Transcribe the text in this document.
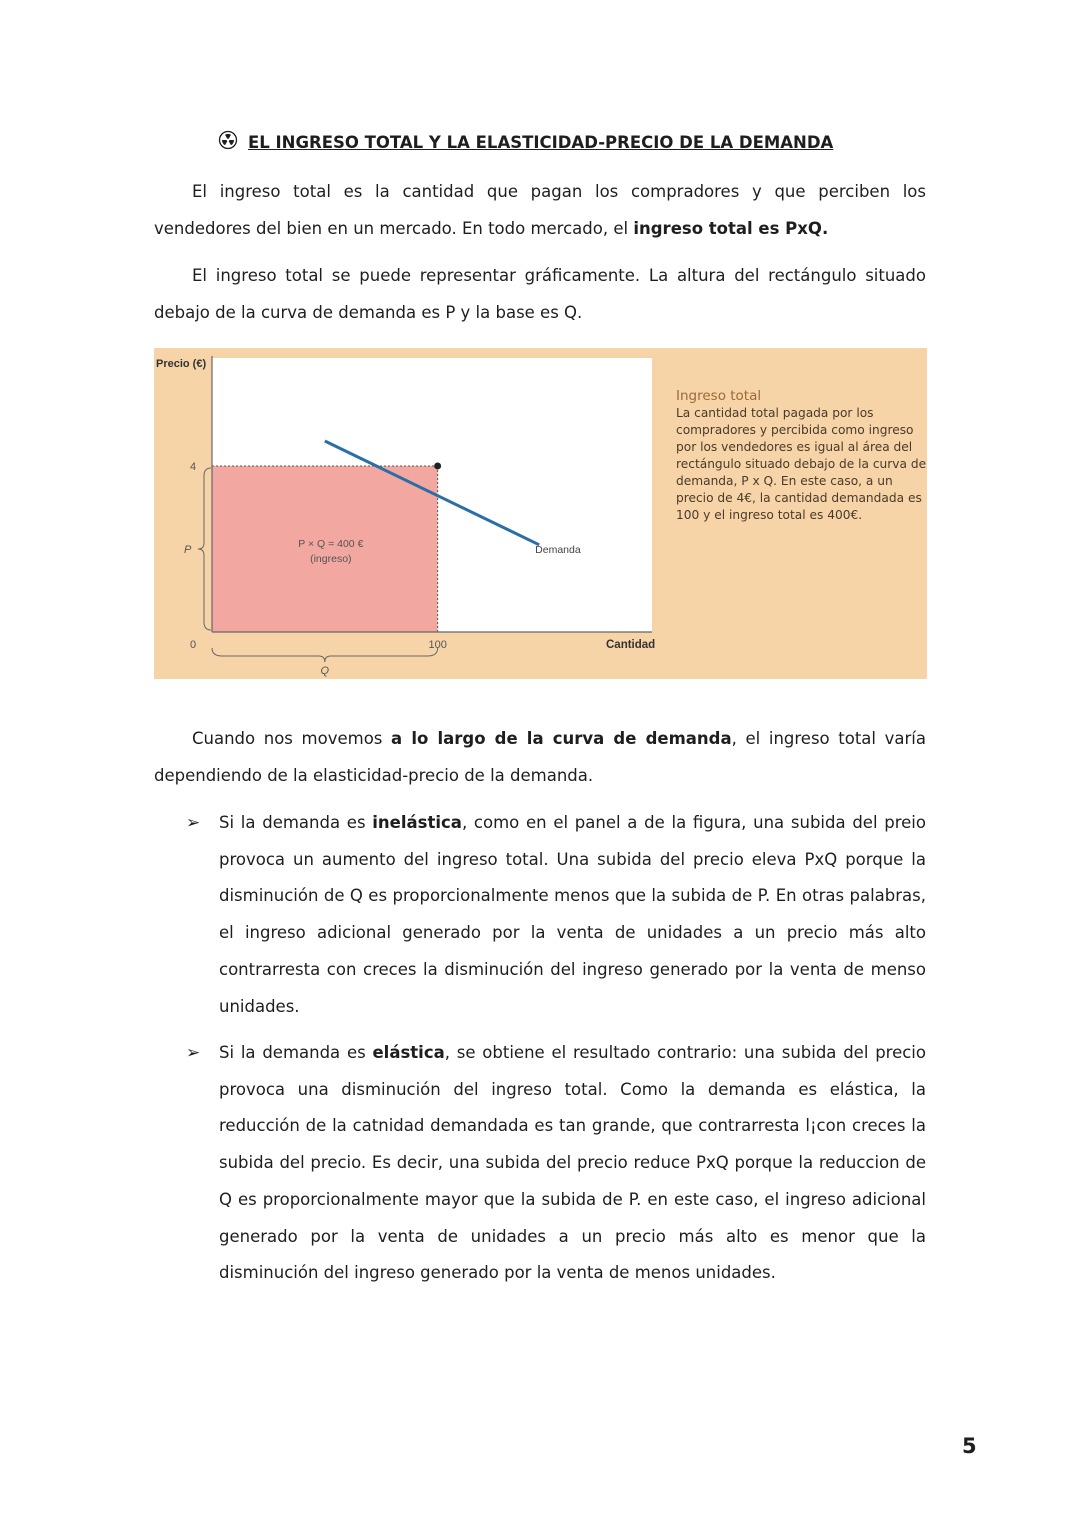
EL INGRESO TOTAL Y LA ELASTICIDAD-PRECIO DE LA DEMANDA

El ingreso total es la cantidad que pagan los compradores y que perciben los vendedores del bien en un mercado. En todo mercado, el ingreso total es PxQ.

El ingreso total se puede representar gráficamente. La altura del rectángulo situado debajo de la curva de demanda es P y la base es Q.

Precio (€)
Cantidad
0
4
100
P
Q
P × Q = 400 €
(ingreso)
Demanda
Ingreso total
La cantidad total pagada por los compradores y percibida como ingreso por los vendedores es igual al área del rectángulo situado debajo de la curva de demanda, P x Q. En este caso, a un precio de 4€, la cantidad demandada es 100 y el ingreso total es 400€.

Cuando nos movemos a lo largo de la curva de demanda, el ingreso total varía dependiendo de la elasticidad-precio de la demanda.

➢ Si la demanda es inelástica, como en el panel a de la figura, una subida del preio provoca un aumento del ingreso total. Una subida del precio eleva PxQ porque la disminución de Q es proporcionalmente menos que la subida de P. En otras palabras, el ingreso adicional generado por la venta de unidades a un precio más alto contrarresta con creces la disminución del ingreso generado por la venta de menso unidades.

➢ Si la demanda es elástica, se obtiene el resultado contrario: una subida del precio provoca una disminución del ingreso total. Como la demanda es elástica, la reducción de la catnidad demandada es tan grande, que contrarresta l¡con creces la subida del precio. Es decir, una subida del precio reduce PxQ porque la reduccion de Q es proporcionalmente mayor que la subida de P. en este caso, el ingreso adicional generado por la venta de unidades a un precio más alto es menor que la disminución del ingreso generado por la venta de menos unidades.

5
